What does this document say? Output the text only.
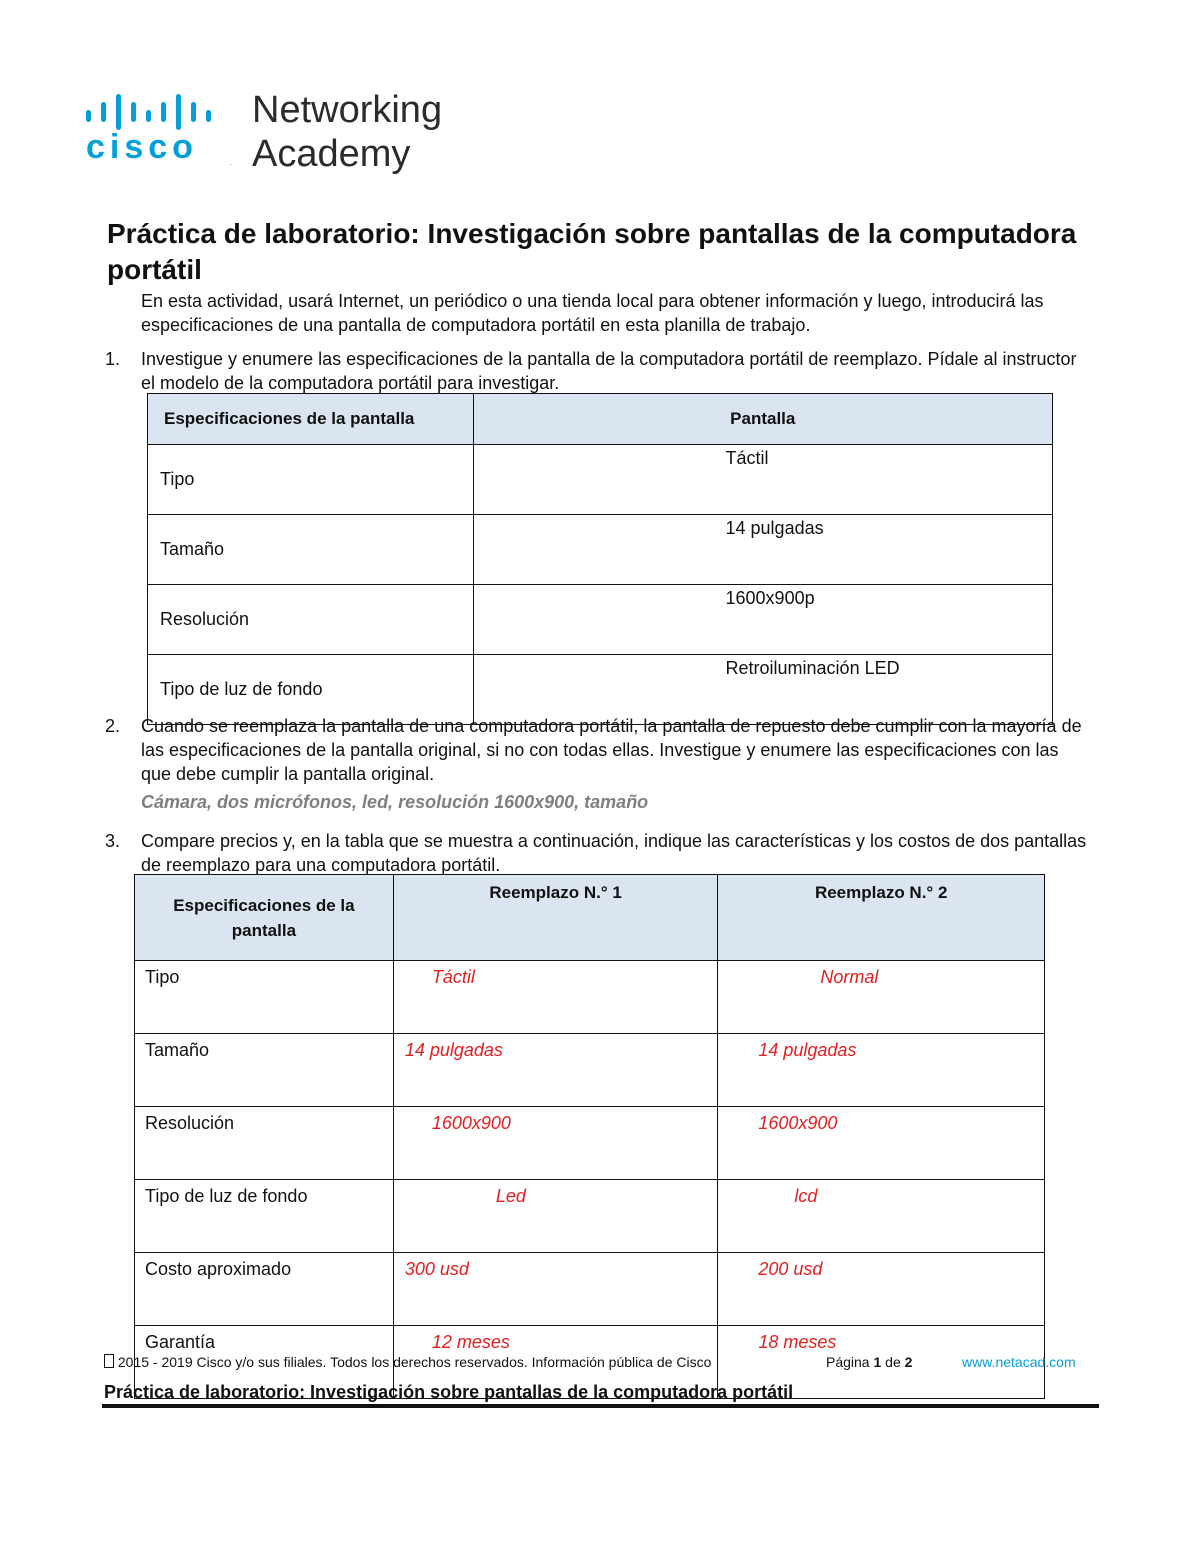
cisco	.
Networking
Academy
Práctica de laboratorio: Investigación sobre pantallas de la computadora portátil
En esta actividad, usará Internet, un periódico o una tienda local para obtener información y luego, introducirá las especificaciones de una pantalla de computadora portátil en esta planilla de trabajo.
1. Investigue y enumere las especificaciones de la pantalla de la computadora portátil de reemplazo. Pídale al instructor el modelo de la computadora portátil para investigar.
Especificaciones de la pantalla	Pantalla
Tipo	Táctil
Tamaño	14 pulgadas
Resolución	1600x900p
Tipo de luz de fondo	Retroiluminación LED
2. Cuando se reemplaza la pantalla de una computadora portátil, la pantalla de repuesto debe cumplir con la mayoría de las especificaciones de la pantalla original, si no con todas ellas. Investigue y enumere las especificaciones con las que debe cumplir la pantalla original.
Cámara, dos micrófonos, led, resolución 1600x900, tamaño
3. Compare precios y, en la tabla que se muestra a continuación, indique las características y los costos de dos pantallas de reemplazo para una computadora portátil.
Especificaciones de la pantalla	Reemplazo N.° 1	Reemplazo N.° 2
Tipo	Táctil	Normal
Tamaño	14 pulgadas	14 pulgadas
Resolución	1600x900	1600x900
Tipo de luz de fondo	Led	lcd
Costo aproximado	300 usd	200 usd
Garantía	12 meses	18 meses
2015 - 2019 Cisco y/o sus filiales. Todos los derechos reservados. Información pública de Cisco	Página 1 de 2	www.netacad.com
Práctica de laboratorio: Investigación sobre pantallas de la computadora portátil
